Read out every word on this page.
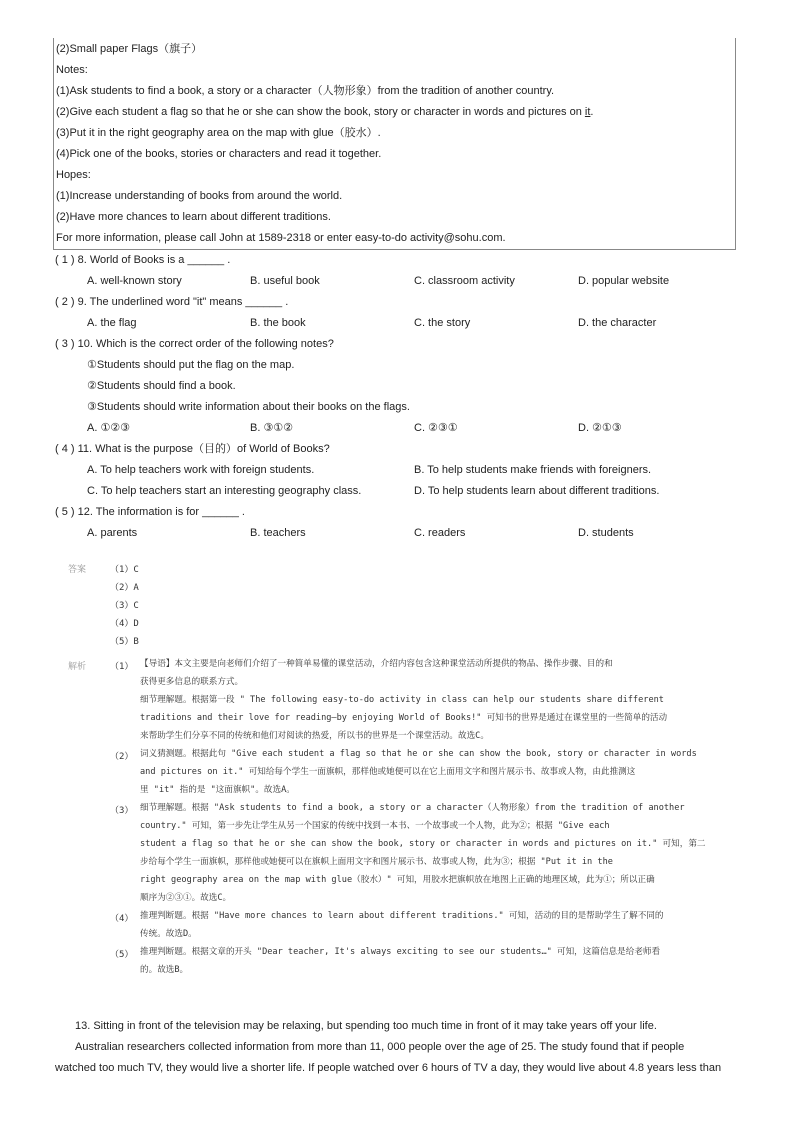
(2)Small paper Flags（旗子）
Notes:
(1)Ask students to find a book, a story or a character（人物形象）from the tradition of another country.
(2)Give each student a flag so that he or she can show the book, story or character in words and pictures on it.
(3)Put it in the right geography area on the map with glue（胶水）.
(4)Pick one of the books, stories or characters and read it together.
Hopes:
(1)Increase understanding of books from around the world.
(2)Have more chances to learn about different traditions.
For more information, please call John at 1589-2318 or enter easy-to-do activity@sohu.com.
( 1 ) 8. World of Books is a ______ .
A. well-known story	B. useful book	C. classroom activity	D. popular website
( 2 ) 9. The underlined word "it" means ______ .
A. the flag	B. the book	C. the story	D. the character
( 3 ) 10. Which is the correct order of the following notes?
①Students should put the flag on the map.
②Students should find a book.
③Students should write information about their books on the flags.
A. ①②③	B. ③①②	C. ②③①	D. ②①③
( 4 ) 11. What is the purpose（目的）of World of Books?
A. To help teachers work with foreign students.	B. To help students make friends with foreigners.
C. To help teachers start an interesting geography class.	D. To help students learn about different traditions.
( 5 ) 12. The information is for ______ .
A. parents	B. teachers	C. readers	D. students
答案	（1）C
（2）A
（3）C
（4）D
（5）B
解析	（1） 【导语】本文主要是向老师们介绍了一种简单易懂的课堂活动，介绍内容包含这种课堂活动所提供的物品、操作步骤、目的和
获得更多信息的联系方式。
细节理解题。根据第一段 " The following easy-to-do activity in class can help our students share different
traditions and their love for reading—by enjoying World of Books!" 可知书的世界是通过在课堂里的一些简单的活动
来帮助学生们分享不同的传统和他们对阅读的热爱，所以书的世界是一个课堂活动。故选C。
（2） 词义猜测题。根据此句 "Give each student a flag so that he or she can show the book, story or character in words
and pictures on it." 可知给每个学生一面旗帜，那样他或她便可以在它上面用文字和图片展示书、故事或人物，由此推测这
里 "it" 指的是 "这面旗帜"。故选A。
（3） 细节理解题。根据 "Ask students to find a book, a story or a character（人物形象）from the tradition of another
country." 可知，第一步先让学生从另一个国家的传统中找到一本书、一个故事或一个人物，此为②；根据 "Give each
student a flag so that he or she can show the book, story or character in words and pictures on it." 可知，第二
步给每个学生一面旗帜，那样他或她便可以在旗帜上面用文字和图片展示书、故事或人物，此为③；根据 "Put it in the
right geography area on the map with glue（胶水）" 可知，用胶水把旗帜放在地图上正确的地理区域，此为①；所以正确
顺序为②③①。故选C。
（4） 推理判断题。根据 "Have more chances to learn about different traditions." 可知，活动的目的是帮助学生了解不同的
传统。故选D。
（5） 推理判断题。根据文章的开头 "Dear teacher, It's always exciting to see our students…" 可知，这篇信息是给老师看
的。故选B。
13. Sitting in front of the television may be relaxing, but spending too much time in front of it may take years off your life.
Australian researchers collected information from more than 11, 000 people over the age of 25. The study found that if people
watched too much TV, they would live a shorter life. If people watched over 6 hours of TV a day, they would live about 4.8 years less than
